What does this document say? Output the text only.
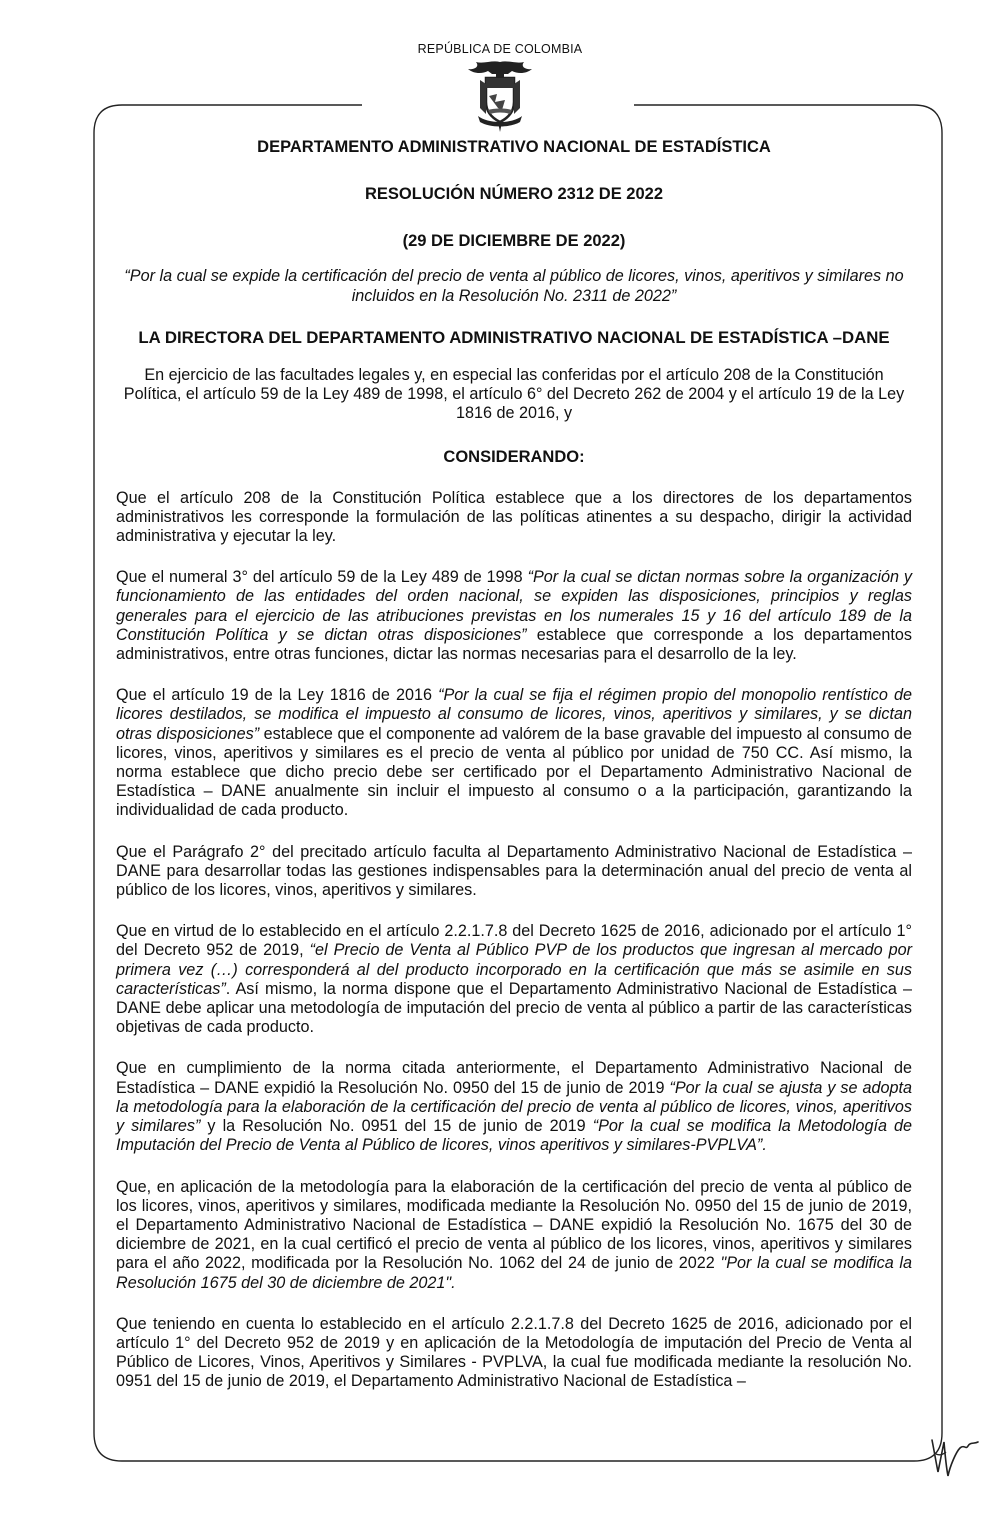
REPÚBLICA DE COLOMBIA
DEPARTAMENTO ADMINISTRATIVO NACIONAL DE ESTADÍSTICA
RESOLUCIÓN NÚMERO 2312 DE 2022
(29 DE DICIEMBRE DE 2022)
“Por la cual se expide la certificación del precio de venta al público de licores, vinos, aperitivos y similares no incluidos en la Resolución No. 2311 de 2022”
LA DIRECTORA DEL DEPARTAMENTO ADMINISTRATIVO NACIONAL DE ESTADÍSTICA –DANE

En ejercicio de las facultades legales y, en especial las conferidas por el artículo 208 de la Constitución Política, el artículo 59 de la Ley 489 de 1998, el artículo 6° del Decreto 262 de 2004 y el artículo 19 de la Ley 1816 de 2016, y

CONSIDERANDO:

Que el artículo 208 de la Constitución Política establece que a los directores de los departamentos administrativos les corresponde la formulación de las políticas atinentes a su despacho, dirigir la actividad administrativa y ejecutar la ley.

Que el numeral 3° del artículo 59 de la Ley 489 de 1998 “Por la cual se dictan normas sobre la organización y funcionamiento de las entidades del orden nacional, se expiden las disposiciones, principios y reglas generales para el ejercicio de las atribuciones previstas en los numerales 15 y 16 del artículo 189 de la Constitución Política y se dictan otras disposiciones” establece que corresponde a los departamentos administrativos, entre otras funciones, dictar las normas necesarias para el desarrollo de la ley.

Que el artículo 19 de la Ley 1816 de 2016 “Por la cual se fija el régimen propio del monopolio rentístico de licores destilados, se modifica el impuesto al consumo de licores, vinos, aperitivos y similares, y se dictan otras disposiciones” establece que el componente ad valórem de la base gravable del impuesto al consumo de licores, vinos, aperitivos y similares es el precio de venta al público por unidad de 750 CC. Así mismo, la norma establece que dicho precio debe ser certificado por el Departamento Administrativo Nacional de Estadística – DANE anualmente sin incluir el impuesto al consumo o a la participación, garantizando la individualidad de cada producto.

Que el Parágrafo 2° del precitado artículo faculta al Departamento Administrativo Nacional de Estadística – DANE para desarrollar todas las gestiones indispensables para la determinación anual del precio de venta al público de los licores, vinos, aperitivos y similares.

Que en virtud de lo establecido en el artículo 2.2.1.7.8 del Decreto 1625 de 2016, adicionado por el artículo 1° del Decreto 952 de 2019, “el Precio de Venta al Público PVP de los productos que ingresan al mercado por primera vez (…) corresponderá al del producto incorporado en la certificación que más se asimile en sus características”. Así mismo, la norma dispone que el Departamento Administrativo Nacional de Estadística – DANE debe aplicar una metodología de imputación del precio de venta al público a partir de las características objetivas de cada producto.

Que en cumplimiento de la norma citada anteriormente, el Departamento Administrativo Nacional de Estadística – DANE expidió la Resolución No. 0950 del 15 de junio de 2019 “Por la cual se ajusta y se adopta la metodología para la elaboración de la certificación del precio de venta al público de licores, vinos, aperitivos y similares” y la Resolución No. 0951 del 15 de junio de 2019 “Por la cual se modifica la Metodología de Imputación del Precio de Venta al Público de licores, vinos aperitivos y similares-PVPLVA”.

Que, en aplicación de la metodología para la elaboración de la certificación del precio de venta al público de los licores, vinos, aperitivos y similares, modificada mediante la Resolución No. 0950 del 15 de junio de 2019, el Departamento Administrativo Nacional de Estadística – DANE expidió la Resolución No. 1675 del 30 de diciembre de 2021, en la cual certificó el precio de venta al público de los licores, vinos, aperitivos y similares para el año 2022, modificada por la Resolución No. 1062 del 24 de junio de 2022 "Por la cual se modifica la Resolución 1675 del 30 de diciembre de 2021".

Que teniendo en cuenta lo establecido en el artículo 2.2.1.7.8 del Decreto 1625 de 2016, adicionado por el artículo 1° del Decreto 952 de 2019 y en aplicación de la Metodología de imputación del Precio de Venta al Público de Licores, Vinos, Aperitivos y Similares - PVPLVA, la cual fue modificada mediante la resolución No. 0951 del 15 de junio de 2019, el Departamento Administrativo Nacional de Estadística –
